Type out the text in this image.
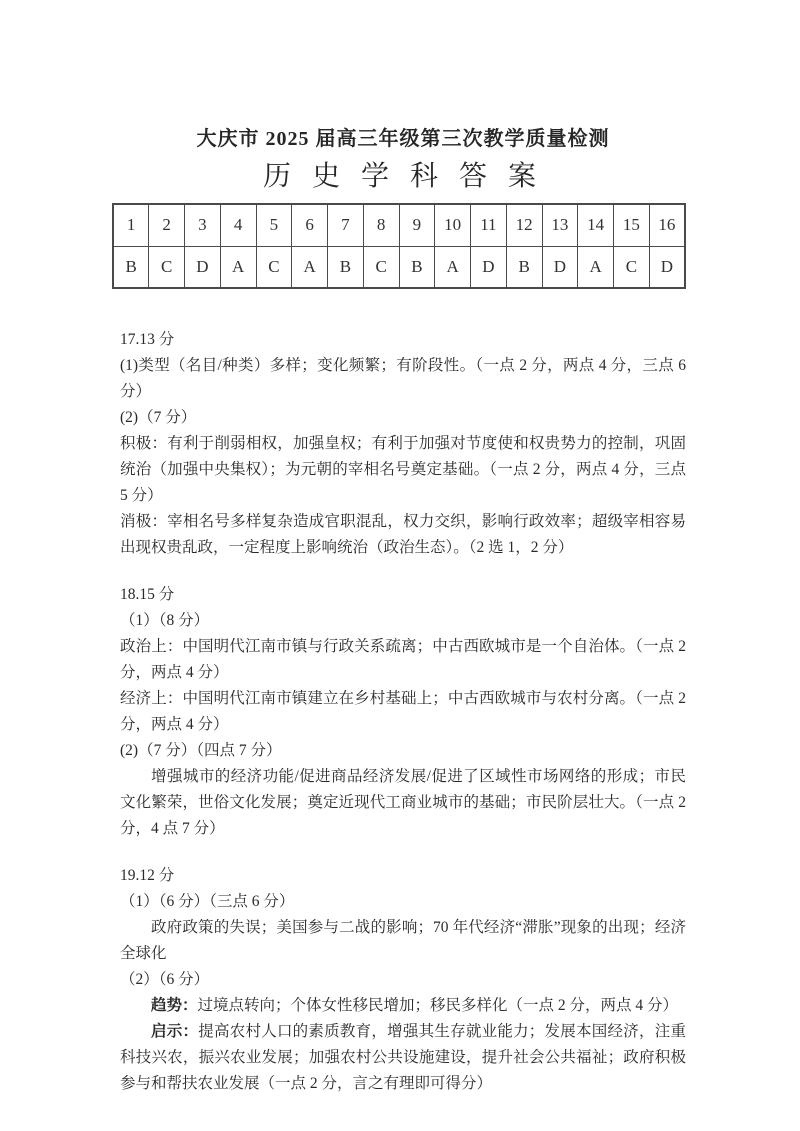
大庆市 2025 届高三年级第三次教学质量检测
历 史 学 科 答 案
1	2	3	4	5	6	7	8	9	10	11	12	13	14	15	16
B	C	D	A	C	A	B	C	B	A	D	B	D	A	C	D

17.13 分

(1)类型（名目/种类）多样；变化频繁；有阶段性。（一点 2 分，两点 4 分，三点 6 分）

(2)（7 分）

积极：有利于削弱相权，加强皇权；有利于加强对节度使和权贵势力的控制，巩固统治（加强中央集权）；为元朝的宰相名号奠定基础。（一点 2 分，两点 4 分，三点 5 分）

消极：宰相名号多样复杂造成官职混乱，权力交织，影响行政效率；超级宰相容易出现权贵乱政，一定程度上影响统治（政治生态）。（2 选 1，2 分）

18.15 分

（1）（8 分）

政治上：中国明代江南市镇与行政关系疏离；中古西欧城市是一个自治体。（一点 2 分，两点 4 分）

经济上：中国明代江南市镇建立在乡村基础上；中古西欧城市与农村分离。（一点 2 分，两点 4 分）

(2)（7 分）（四点 7 分）

增强城市的经济功能/促进商品经济发展/促进了区域性市场网络的形成；市民文化繁荣，世俗文化发展；奠定近现代工商业城市的基础；市民阶层壮大。（一点 2 分，4 点 7 分）

19.12 分

（1）（6 分）（三点 6 分）

政府政策的失误；美国参与二战的影响；70 年代经济“滞胀”现象的出现；经济全球化

（2）（6 分）

趋势：过境点转向；个体女性移民增加；移民多样化（一点 2 分，两点 4 分）

启示：提高农村人口的素质教育，增强其生存就业能力；发展本国经济，注重科技兴农，振兴农业发展；加强农村公共设施建设，提升社会公共福祉；政府积极参与和帮扶农业发展（一点 2 分，言之有理即可得分）
